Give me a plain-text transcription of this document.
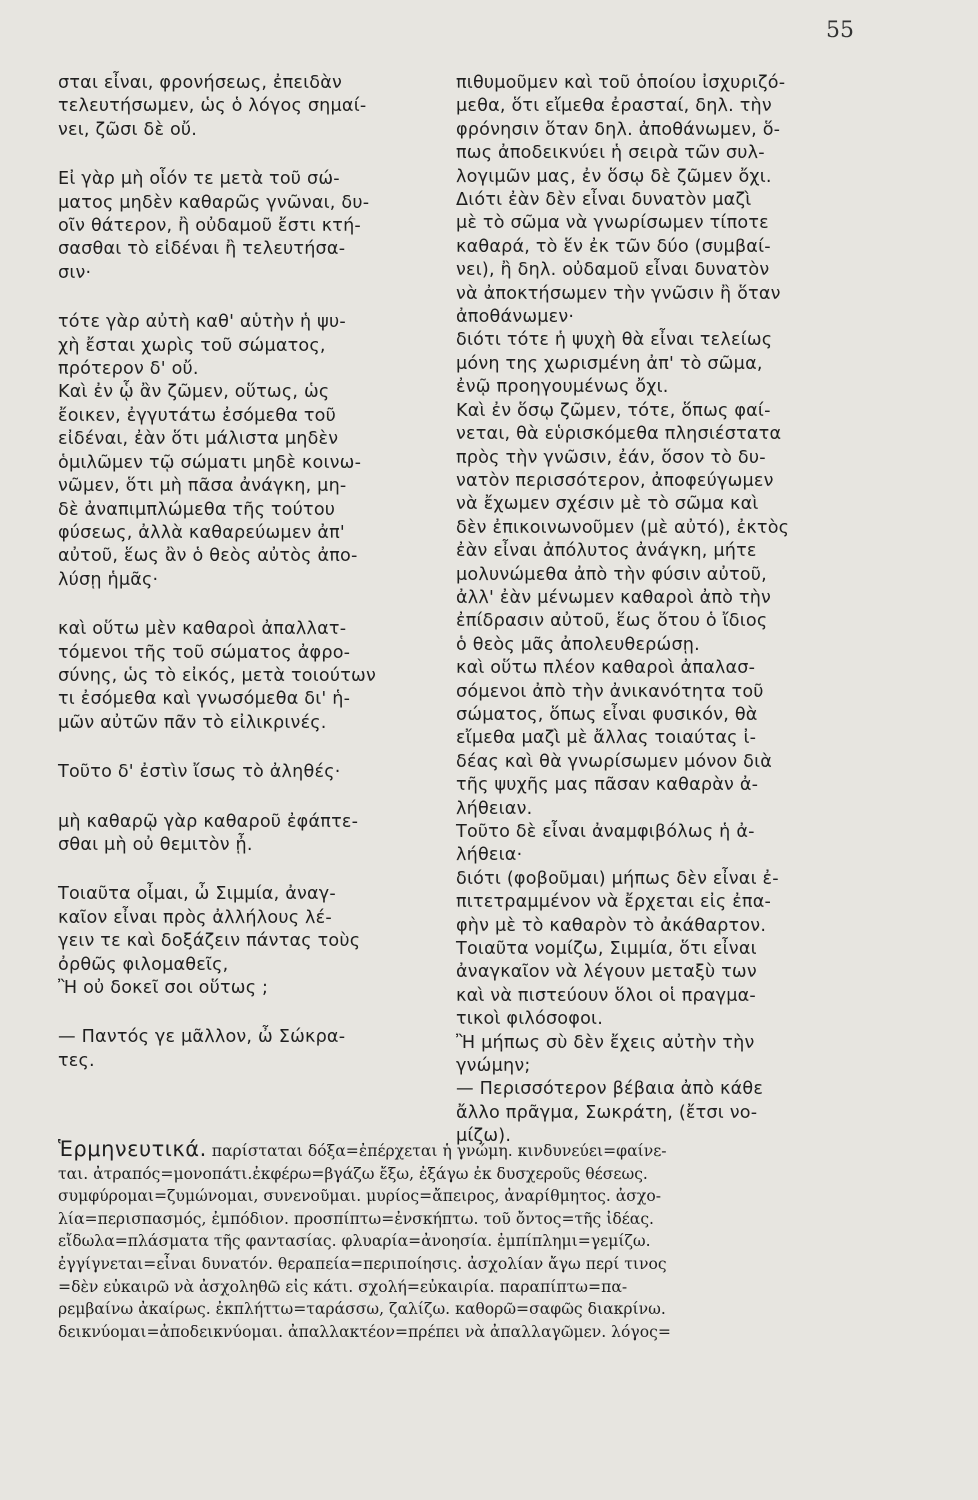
55
σται εἶναι, φρονήσεως, ἐπειδὰν
τελευτήσωμεν, ὡς ὁ λόγος σημαί-
νει, ζῶσι δὲ οὔ.
Εἰ γὰρ μὴ οἷόν τε μετὰ τοῦ σώ-
ματος μηδὲν καθαρῶς γνῶναι, δυ-
οῖν θάτερον, ἢ οὐδαμοῦ ἔστι κτή-
σασθαι τὸ εἰδέναι ἢ τελευτήσα-
σιν·
τότε γὰρ αὐτὴ καθ' αὑτὴν ἡ ψυ-
χὴ ἔσται χωρὶς τοῦ σώματος,
πρότερον δ' οὔ.
Καὶ ἐν ᾧ ἂν ζῶμεν, οὕτως, ὡς
ἔοικεν, ἐγγυτάτω ἐσόμεθα τοῦ
εἰδέναι, ἐὰν ὅτι μάλιστα μηδὲν
ὁμιλῶμεν τῷ σώματι μηδὲ κοινω-
νῶμεν, ὅτι μὴ πᾶσα ἀνάγκη, μη-
δὲ ἀναπιμπλώμεθα τῆς τούτου
φύσεως, ἀλλὰ καθαρεύωμεν ἀπ'
αὐτοῦ, ἕως ἂν ὁ θεὸς αὐτὸς ἀπο-
λύσῃ ἡμᾶς·
καὶ οὕτω μὲν καθαροὶ ἀπαλλατ-
τόμενοι τῆς τοῦ σώματος ἀφρο-
σύνης, ὡς τὸ εἰκός, μετὰ τοιούτων
τι ἐσόμεθα καὶ γνωσόμεθα δι' ἡ-
μῶν αὐτῶν πᾶν τὸ εἰλικρινές.
Τοῦτο δ' ἐστὶν ἴσως τὸ ἀληθές·
μὴ καθαρῷ γὰρ καθαροῦ ἐφάπτε-
σθαι μὴ οὐ θεμιτὸν ᾖ.
Τοιαῦτα οἶμαι, ὦ Σιμμία, ἀναγ-
καῖον εἶναι πρὸς ἀλλήλους λέ-
γειν τε καὶ δοξάζειν πάντας τοὺς
ὀρθῶς φιλομαθεῖς,
Ἢ οὐ δοκεῖ σοι οὕτως ;
— Παντός γε μᾶλλον, ὦ Σώκρα-
τες.
πιθυμοῦμεν καὶ τοῦ ὁποίου ἰσχυριζό-
μεθα, ὅτι εἴμεθα ἐρασταί, δηλ. τὴν
φρόνησιν ὅταν δηλ. ἀποθάνωμεν, ὅ-
πως ἀποδεικνύει ἡ σειρὰ τῶν συλ-
λογιμῶν μας, ἐν ὅσῳ δὲ ζῶμεν ὄχι.
Διότι ἐὰν δὲν εἶναι δυνατὸν μαζὶ
μὲ τὸ σῶμα νὰ γνωρίσωμεν τίποτε
καθαρά, τὸ ἕν ἐκ τῶν δύο (συμβαί-
νει), ἢ δηλ. οὐδαμοῦ εἶναι δυνατὸν
νὰ ἀποκτήσωμεν τὴν γνῶσιν ἢ ὅταν
ἀποθάνωμεν·
διότι τότε ἡ ψυχὴ θὰ εἶναι τελείως
μόνη της χωρισμένη ἀπ' τὸ σῶμα,
ἐνῷ προηγουμένως ὄχι.
Καὶ ἐν ὅσῳ ζῶμεν, τότε, ὅπως φαί-
νεται, θὰ εὑρισκόμεθα πλησιέστατα
πρὸς τὴν γνῶσιν, ἐάν, ὅσον τὸ δυ-
νατὸν περισσότερον, ἀποφεύγωμεν
νὰ ἔχωμεν σχέσιν μὲ τὸ σῶμα καὶ
δὲν ἐπικοινωνοῦμεν (μὲ αὐτό), ἐκτὸς
ἐὰν εἶναι ἀπόλυτος ἀνάγκη, μήτε
μολυνώμεθα ἀπὸ τὴν φύσιν αὐτοῦ,
ἀλλ' ἐὰν μένωμεν καθαροὶ ἀπὸ τὴν
ἐπίδρασιν αὐτοῦ, ἕως ὅτου ὁ ἴδιος
ὁ θεὸς μᾶς ἀπολευθερώσῃ.
καὶ οὕτω πλέον καθαροὶ ἀπαλασ-
σόμενοι ἀπὸ τὴν ἀνικανότητα τοῦ
σώματος, ὅπως εἶναι φυσικόν, θὰ
εἴμεθα μαζὶ μὲ ἄλλας τοιαύτας ἰ-
δέας καὶ θὰ γνωρίσωμεν μόνον διὰ
τῆς ψυχῆς μας πᾶσαν καθαρὰν ἀ-
λήθειαν.
Τοῦτο δὲ εἶναι ἀναμφιβόλως ἡ ἀ-
λήθεια·
διότι (φοβοῦμαι) μήπως δὲν εἶναι ἐ-
πιτετραμμένον νὰ ἔρχεται εἰς ἐπα-
φὴν μὲ τὸ καθαρὸν τὸ ἀκάθαρτον.
Τοιαῦτα νομίζω, Σιμμία, ὅτι εἶναι
ἀναγκαῖον νὰ λέγουν μεταξὺ των
καὶ νὰ πιστεύουν ὅλοι οἱ πραγμα-
τικοὶ φιλόσοφοι.
Ἢ μήπως σὺ δὲν ἔχεις αὐτὴν τὴν
γνώμην;
— Περισσότερον βέβαια ἀπὸ κάθε
ἄλλο πρᾶγμα, Σωκράτη, (ἔτσι νο-
μίζω).
Ἑρμηνευτικά. παρίσταται δόξα=ἐπέρχεται ἡ γνώμη. κινδυνεύει=φαίνε-
ται. ἀτραπός=μονοπάτι.ἐκφέρω=βγάζω ἔξω, ἐξάγω ἐκ δυσχεροῦς θέσεως.
συμφύρομαι=ζυμώνομαι, συνενοῦμαι. μυρίος=ἄπειρος, ἀναρίθμητος. ἀσχο-
λία=περισπασμός, ἐμπόδιον. προσπίπτω=ἐνσκήπτω. τοῦ ὄντος=τῆς ἰδέας.
εἴδωλα=πλάσματα τῆς φαντασίας. φλυαρία=ἀνοησία. ἐμπίπλημι=γεμίζω.
ἐγγίγνεται=εἶναι δυνατόν. θεραπεία=περιποίησις. ἀσχολίαν ἄγω περί τινος
=δὲν εὐκαιρῶ νὰ ἀσχοληθῶ εἰς κάτι. σχολή=εὐκαιρία. παραπίπτω=πα-
ρεμβαίνω ἀκαίρως. ἐκπλήττω=ταράσσω, ζαλίζω. καθορῶ=σαφῶς διακρίνω.
δεικνύομαι=ἀποδεικνύομαι. ἀπαλλακτέον=πρέπει νὰ ἀπαλλαγῶμεν. λόγος=
